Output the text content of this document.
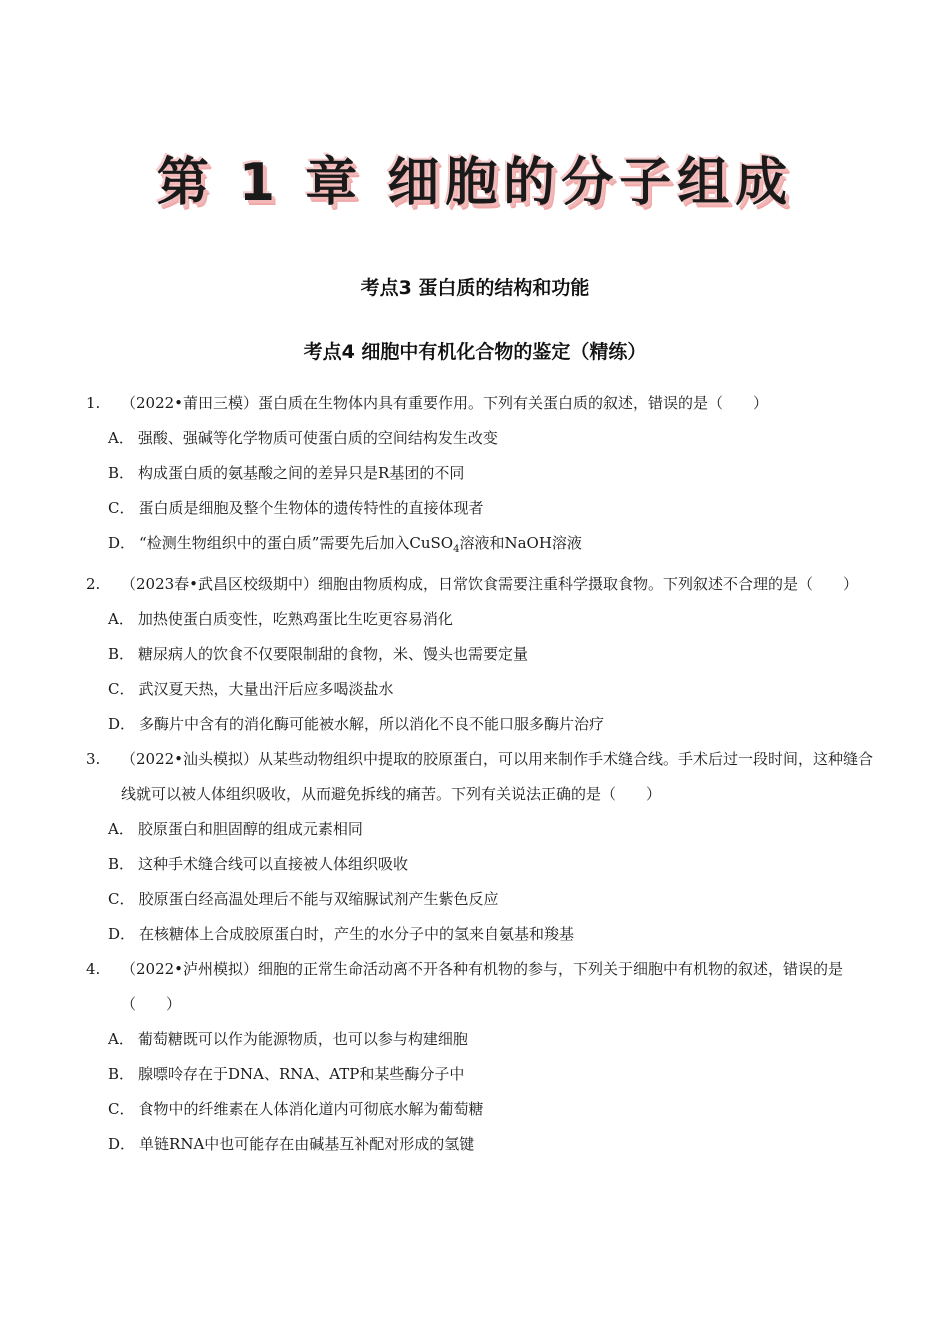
第 1 章 细胞的分子组成
考点3 蛋白质的结构和功能
考点4 细胞中有机化合物的鉴定（精练）
1. （2022•莆田三模）蛋白质在生物体内具有重要作用。下列有关蛋白质的叙述，错误的是（　　）
A． 强酸、强碱等化学物质可使蛋白质的空间结构发生改变
B． 构成蛋白质的氨基酸之间的差异只是R基团的不同
C． 蛋白质是细胞及整个生物体的遗传特性的直接体现者
D． “检测生物组织中的蛋白质”需要先后加入CuSO$_4$溶液和NaOH溶液
2. （2023春•武昌区校级期中）细胞由物质构成，日常饮食需要注重科学摄取食物。下列叙述不合理的是（　　）
A． 加热使蛋白质变性，吃熟鸡蛋比生吃更容易消化
B． 糖尿病人的饮食不仅要限制甜的食物，米、馒头也需要定量
C． 武汉夏天热，大量出汗后应多喝淡盐水
D． 多酶片中含有的消化酶可能被水解，所以消化不良不能口服多酶片治疗
3. （2022•汕头模拟）从某些动物组织中提取的胶原蛋白，可以用来制作手术缝合线。手术后过一段时间，这种缝合线就可以被人体组织吸收，从而避免拆线的痛苦。下列有关说法正确的是（　　）
A． 胶原蛋白和胆固醇的组成元素相同
B． 这种手术缝合线可以直接被人体组织吸收
C． 胶原蛋白经高温处理后不能与双缩脲试剂产生紫色反应
D． 在核糖体上合成胶原蛋白时，产生的水分子中的氢来自氨基和羧基
4. （2022•泸州模拟）细胞的正常生命活动离不开各种有机物的参与，下列关于细胞中有机物的叙述，错误的是（　　）
A． 葡萄糖既可以作为能源物质，也可以参与构建细胞
B． 腺嘌呤存在于DNA、RNA、ATP和某些酶分子中
C． 食物中的纤维素在人体消化道内可彻底水解为葡萄糖
D． 单链RNA中也可能存在由碱基互补配对形成的氢键
